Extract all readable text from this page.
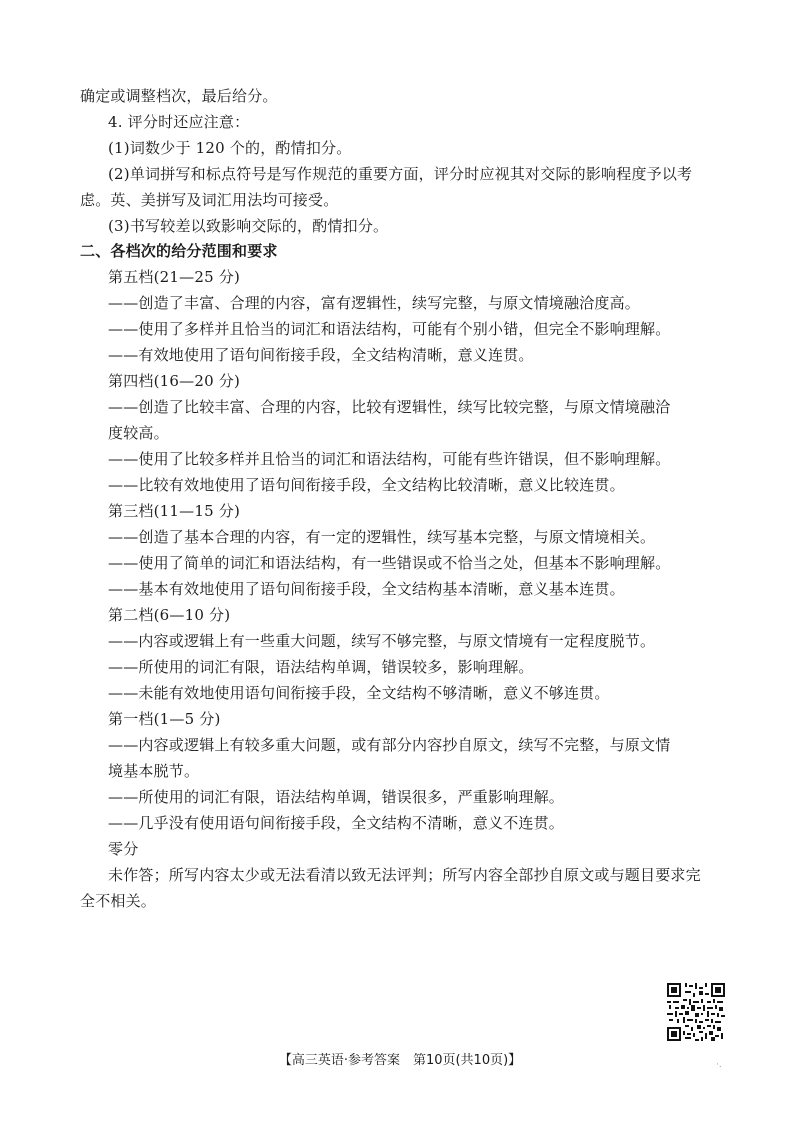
确定或调整档次，最后给分。
4. 评分时还应注意：
(1)词数少于 120 个的，酌情扣分。
(2)单词拼写和标点符号是写作规范的重要方面，评分时应视其对交际的影响程度予以考
虑。英、美拼写及词汇用法均可接受。
(3)书写较差以致影响交际的，酌情扣分。
二、各档次的给分范围和要求
第五档(21—25 分)
——创造了丰富、合理的内容，富有逻辑性，续写完整，与原文情境融洽度高。
——使用了多样并且恰当的词汇和语法结构，可能有个别小错，但完全不影响理解。
——有效地使用了语句间衔接手段，全文结构清晰，意义连贯。
第四档(16—20 分)
——创造了比较丰富、合理的内容，比较有逻辑性，续写比较完整，与原文情境融洽
度较高。
——使用了比较多样并且恰当的词汇和语法结构，可能有些许错误，但不影响理解。
——比较有效地使用了语句间衔接手段，全文结构比较清晰，意义比较连贯。
第三档(11—15 分)
——创造了基本合理的内容，有一定的逻辑性，续写基本完整，与原文情境相关。
——使用了简单的词汇和语法结构，有一些错误或不恰当之处，但基本不影响理解。
——基本有效地使用了语句间衔接手段，全文结构基本清晰，意义基本连贯。
第二档(6—10 分)
——内容或逻辑上有一些重大问题，续写不够完整，与原文情境有一定程度脱节。
——所使用的词汇有限，语法结构单调，错误较多，影响理解。
——未能有效地使用语句间衔接手段，全文结构不够清晰，意义不够连贯。
第一档(1—5 分)
——内容或逻辑上有较多重大问题，或有部分内容抄自原文，续写不完整，与原文情
境基本脱节。
——所使用的词汇有限，语法结构单调，错误很多，严重影响理解。
——几乎没有使用语句间衔接手段，全文结构不清晰，意义不连贯。
零分
未作答；所写内容太少或无法看清以致无法评判；所写内容全部抄自原文或与题目要求完
全不相关。
【高三英语·参考答案　第10页(共10页)】	·.
